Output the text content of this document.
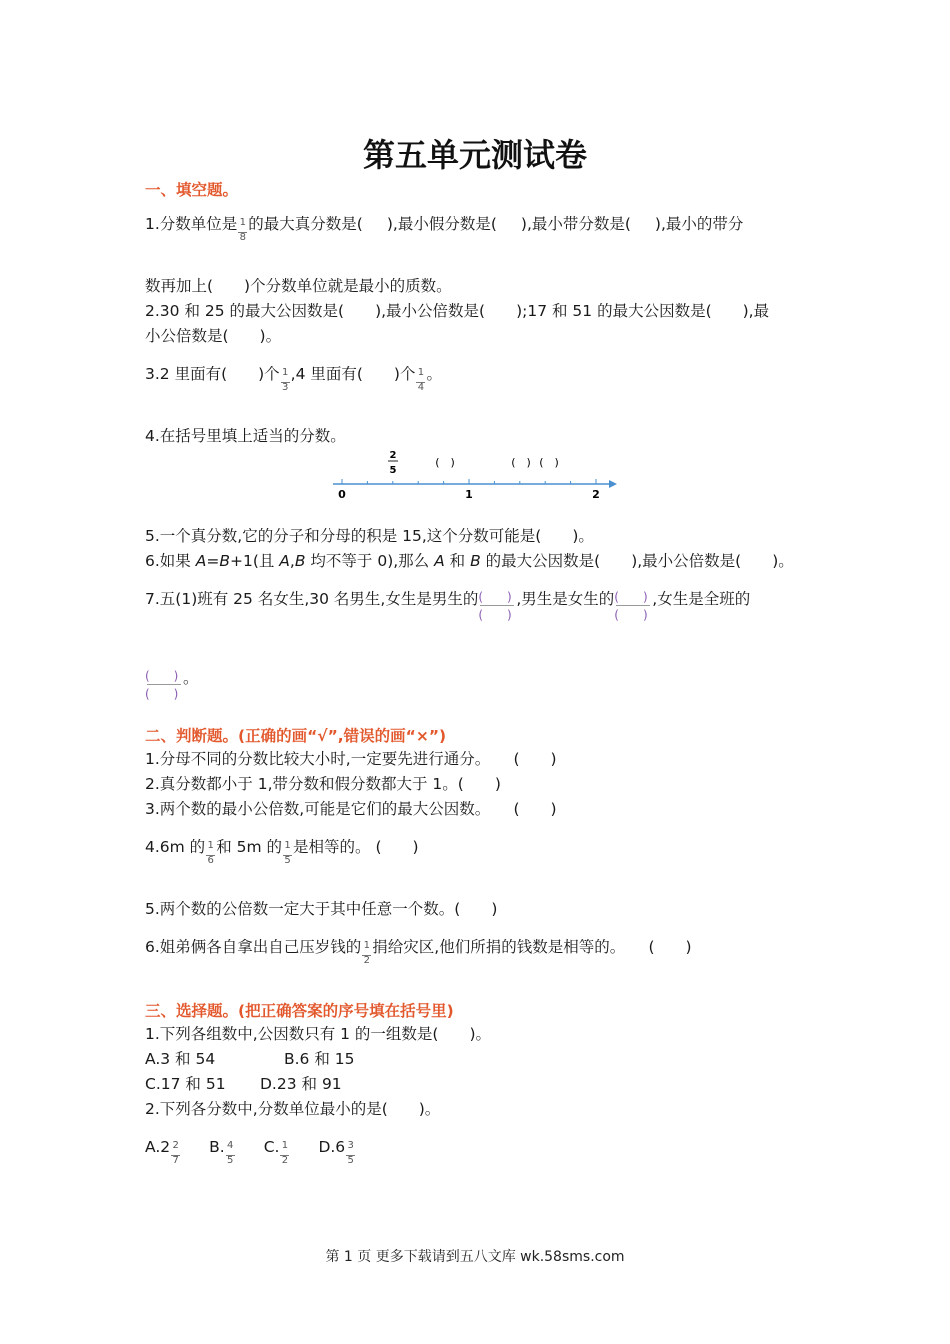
第五单元测试卷
一、填空题。
1.分数单位是 $\frac{1}{8}$ 的最大真分数是( ),最小假分数是( ),最小带分数是( ),最小的带分
数再加上(　　)个分数单位就是最小的质数。
2.30 和 25 的最大公因数是(　　),最小公倍数是(　　);17 和 51 的最大公因数是(　　),最
小公倍数是(　　)。
3.2 里面有(　　)个 $\frac{1}{3} ,4$ 里面有(　　)个 $\frac{1}{4}$ 。
4.在括号里填上适当的分数。
0	1	2
2
5
(　)	(　) (　)
5.一个真分数,它的分子和分母的积是 15,这个分数可能是(　　)。
6.如果 A=B+1(且 A,B 均不等于 0),那么 A 和 B 的最大公因数是(　　),最小公倍数是(　　)。
7.五(1)班有 25 名女生,30 名男生,女生是男生的 (　　)
(　　)
,男生是女生的 (　　)
(　　)
,女生是全班的
(　　)
(　　)
。
二、判断题。(正确的画“√”,错误的画“×”)
1.分母不同的分数比较大小时,一定要先进行通分。　　(　　)
2.真分数都小于 1,带分数和假分数都大于 1。(　　)
3.两个数的最小公倍数,可能是它们的最大公因数。　　(　　)
4.6m 的 $\frac{1}{6}$ 和 5m 的 $\frac{1}{5}$ 是相等的。 (　　)
5.两个数的公倍数一定大于其中任意一个数。(　　)
6.姐弟俩各自拿出自己压岁钱的 $\frac{1}{2}$ 捐给灾区,他们所捐的钱数是相等的。　　(　　)
三、选择题。(把正确答案的序号填在括号里)
1.下列各组数中,公因数只有 1 的一组数是(　　)。
A.3 和 54	B.6 和 15
C.17 和 51 D.23 和 91
2.下列各分数中,分数单位最小的是(　　)。
$A.2 \frac{2}{7} B$. $\frac{4}{5} C$. $\frac{1}{2} D.6 \frac{3}{5}$
第 1 页 更多下载请到五八文库 wk.58sms.com
